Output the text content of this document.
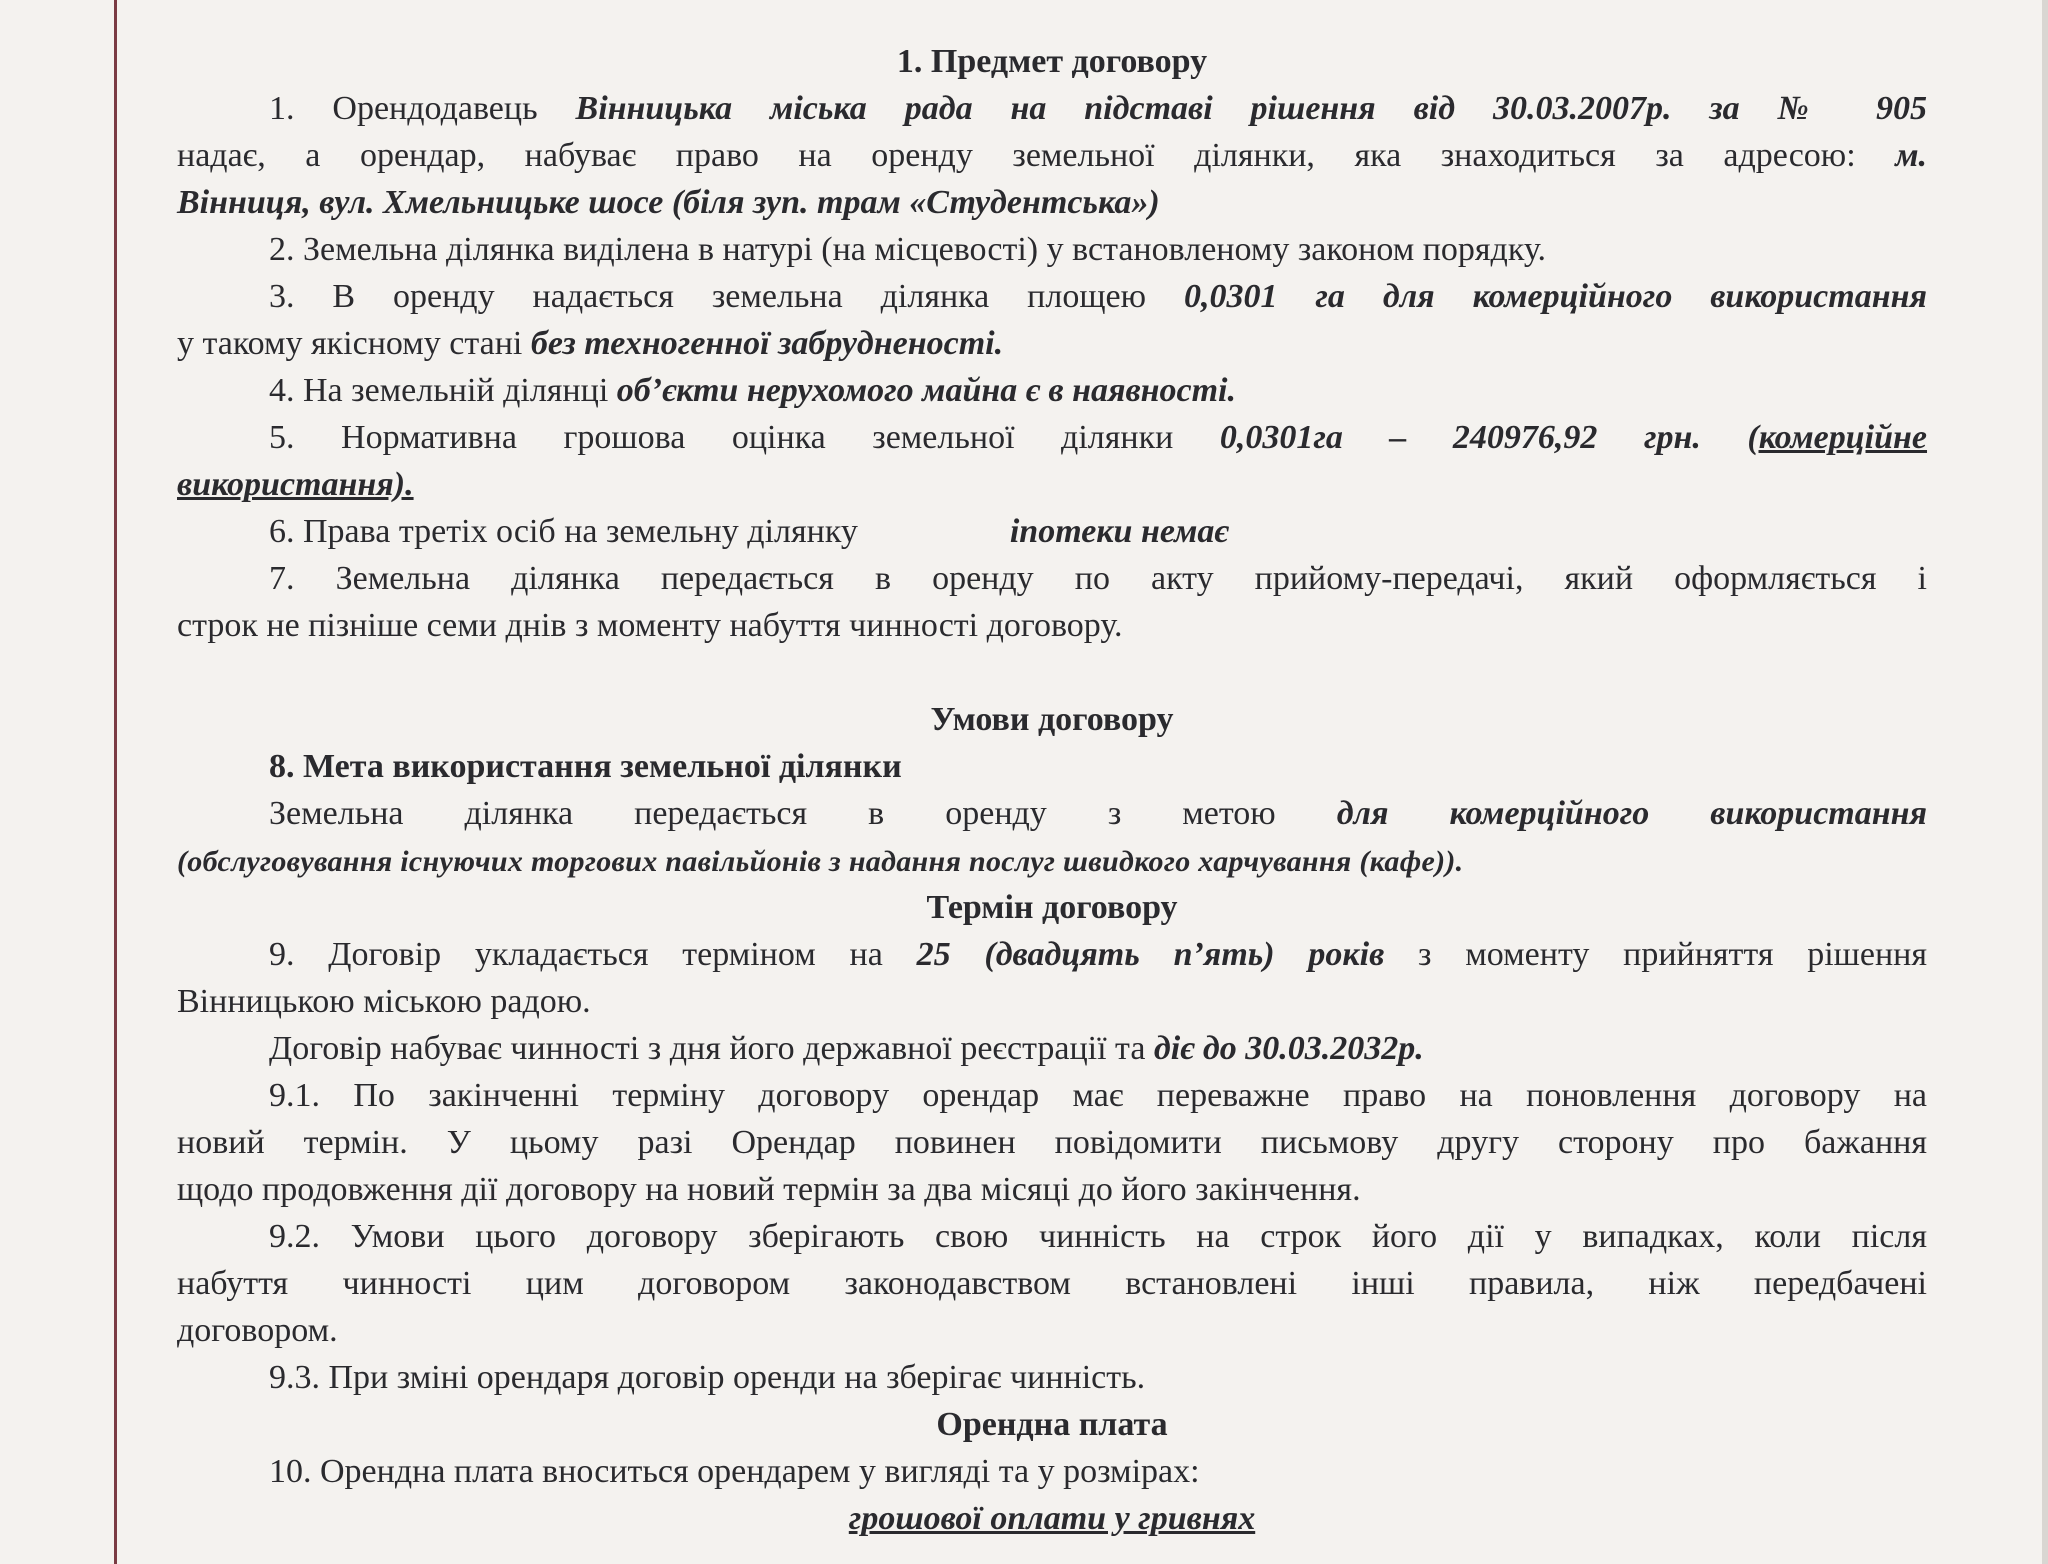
1. Предмет договору
1. Орендодавець Вінницька міська рада на підставі рішення від 30.03.2007р. за № 905
надає, а орендар, набуває право на оренду земельної ділянки, яка знаходиться за адресою: м.
Вінниця, вул. Хмельницьке шосе (біля зуп. трам «Студентська»)
2. Земельна ділянка виділена в натурі (на місцевості) у встановленому законом порядку.
3. В оренду надається земельна ділянка площею 0,0301 га для комерційного використання
у такому якісному стані без техногенної забрудненості.
4. На земельній ділянці об’єкти нерухомого майна є в наявності.
5. Нормативна грошова оцінка земельної ділянки 0,0301га – 240976,92 грн. (комерційне
використання).
6. Права третіх осіб на земельну ділянку	іпотеки немає
7. Земельна ділянка передається в оренду по акту прийому-передачі, який оформляється і
строк не пізніше семи днів з моменту набуття чинності договору.
Умови договору
8. Мета використання земельної ділянки
Земельна ділянка передається в оренду з метою для комерційного використання
(обслуговування існуючих торгових павільйонів з надання послуг швидкого харчування (кафе)).
Термін договору
9. Договір укладається терміном на 25 (двадцять п’ять) років з моменту прийняття рішення
Вінницькою міською радою.
Договір набуває чинності з дня його державної реєстрації та діє до 30.03.2032р.
9.1. По закінченні терміну договору орендар має переважне право на поновлення договору на
новий термін. У цьому разі Орендар повинен повідомити письмову другу сторону про бажання
щодо продовження дії договору на новий термін за два місяці до його закінчення.
9.2. Умови цього договору зберігають свою чинність на строк його дії у випадках, коли після
набуття чинності цим договором законодавством встановлені інші правила, ніж передбачені
договором.
9.3. При зміні орендаря договір оренди на зберігає чинність.
Орендна плата
10. Орендна плата вноситься орендарем у вигляді та у розмірах:
грошової оплати у гривнях
